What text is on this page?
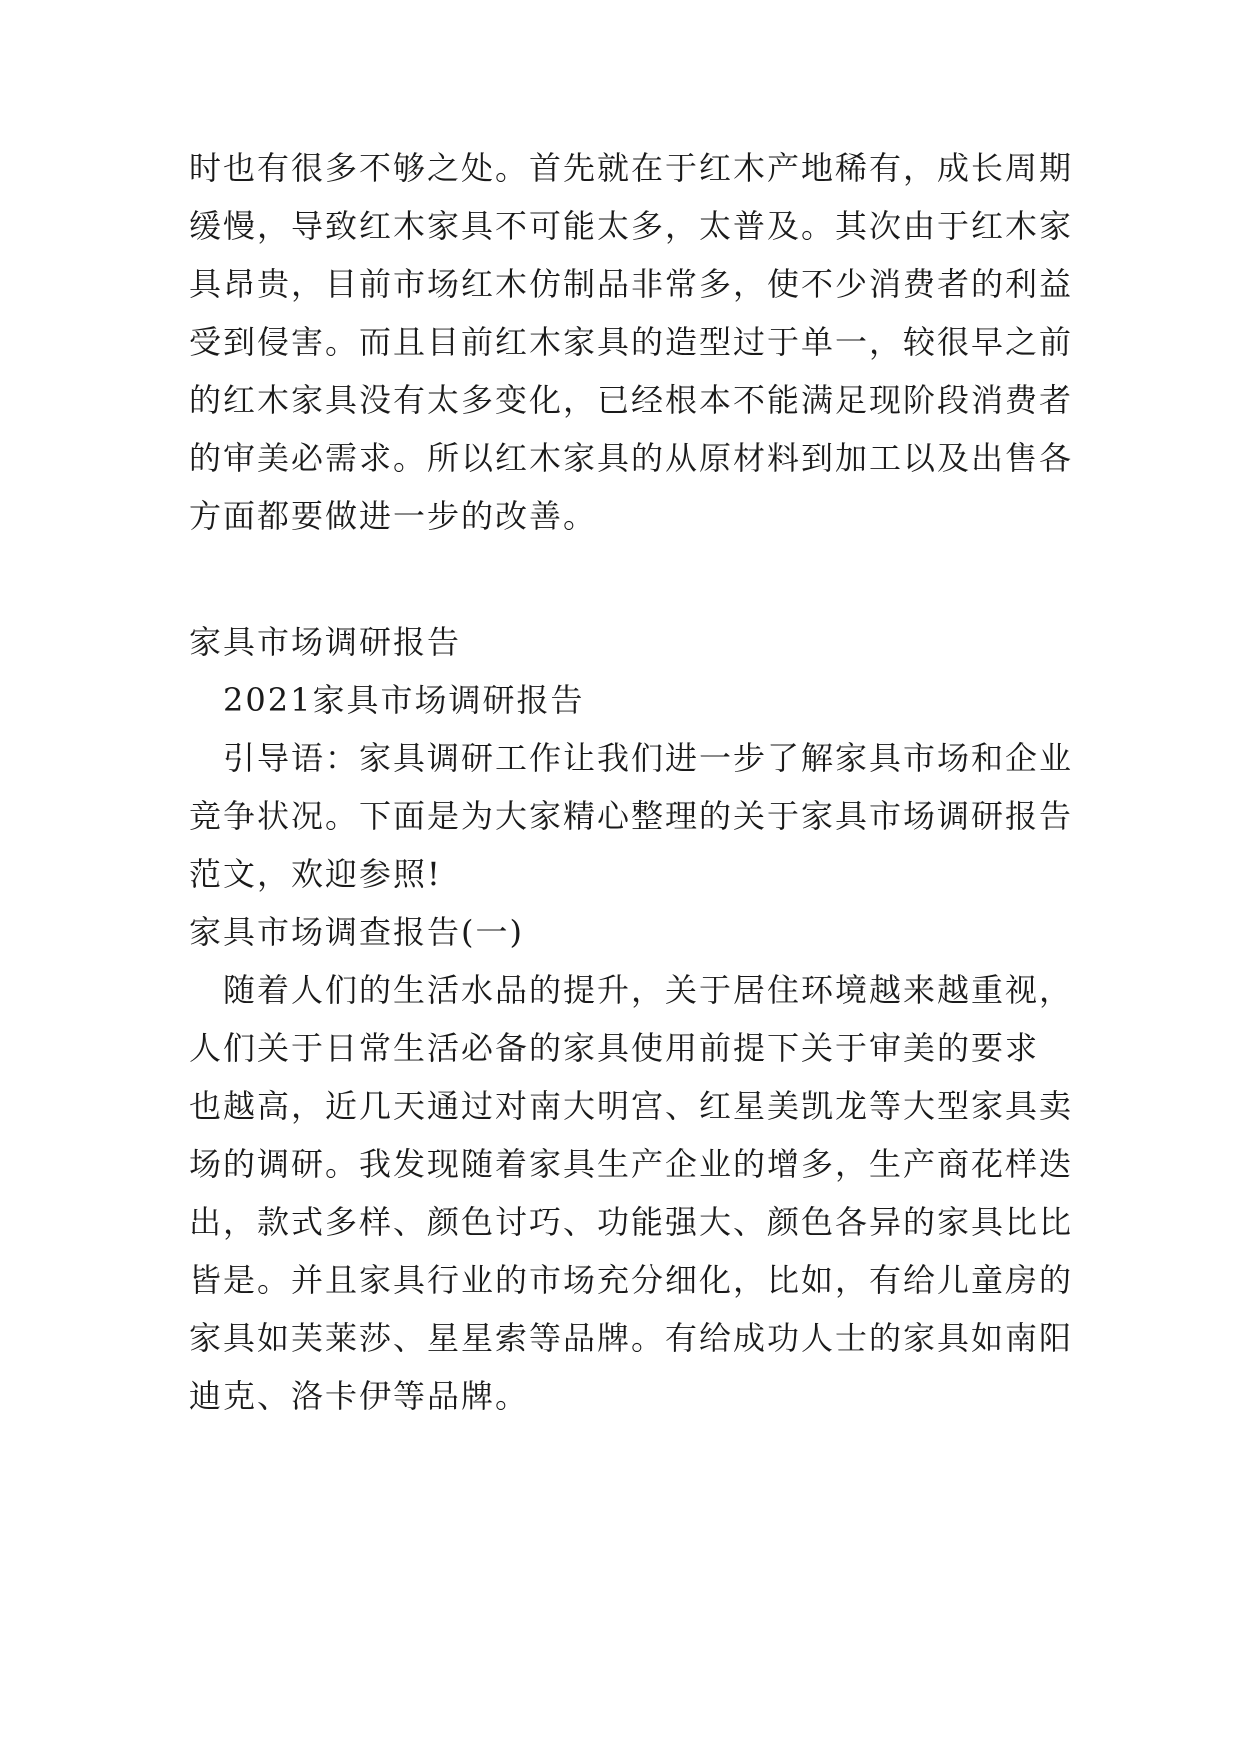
时也有很多不够之处。首先就在于红木产地稀有，成长周期
缓慢，导致红木家具不可能太多，太普及。其次由于红木家
具昂贵，目前市场红木仿制品非常多，使不少消费者的利益
受到侵害。而且目前红木家具的造型过于单一，较很早之前
的红木家具没有太多变化，已经根本不能满足现阶段消费者
的审美必需求。所以红木家具的从原材料到加工以及出售各
方面都要做进一步的改善。
家具市场调研报告
2021家具市场调研报告
引导语：家具调研工作让我们进一步了解家具市场和企业
竞争状况。下面是为大家精心整理的关于家具市场调研报告
范文，欢迎参照!
家具市场调查报告(一)
随着人们的生活水品的提升，关于居住环境越来越重视，
人们关于日常生活必备的家具使用前提下关于审美的要求
也越高，近几天通过对南大明宫、红星美凯龙等大型家具卖
场的调研。我发现随着家具生产企业的增多，生产商花样迭
出，款式多样、颜色讨巧、功能强大、颜色各异的家具比比
皆是。并且家具行业的市场充分细化，比如，有给儿童房的
家具如芙莱莎、星星索等品牌。有给成功人士的家具如南阳
迪克、洛卡伊等品牌。
